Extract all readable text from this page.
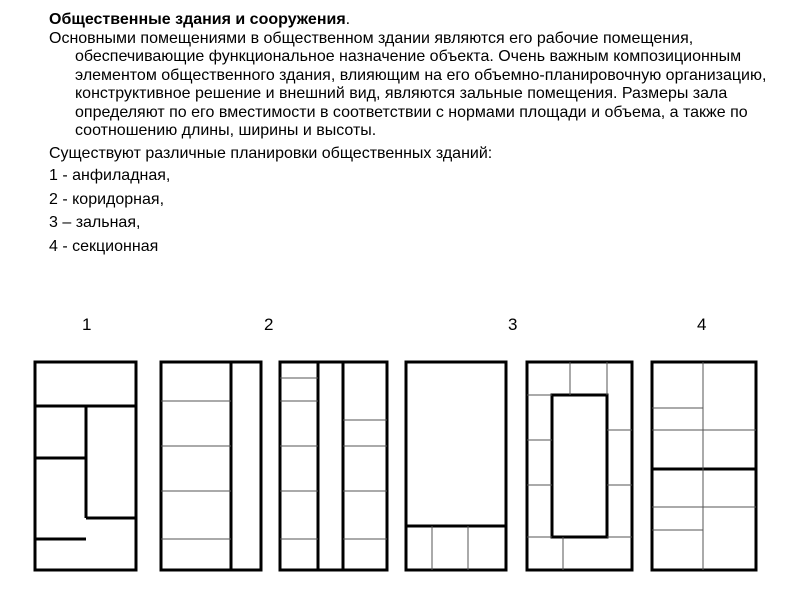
Общественные здания и сооружения.

Основными помещениями в общественном здании являются его рабочие помещения, обеспечивающие функциональное назначение объекта. Очень важным композиционным элементом общественного здания, влияющим на его объемно-планировочную организацию, конструктивное решение и внешний вид, являются зальные помещения. Размеры зала определяют по его вместимости в соответствии с нормами площади и объема, а также по соотношению длины, ширины и высоты.

Существуют различные планировки общественных зданий:

1 - анфиладная,
2 - коридорная,
3 – зальная,
4 - секционная
1	2	3	4
